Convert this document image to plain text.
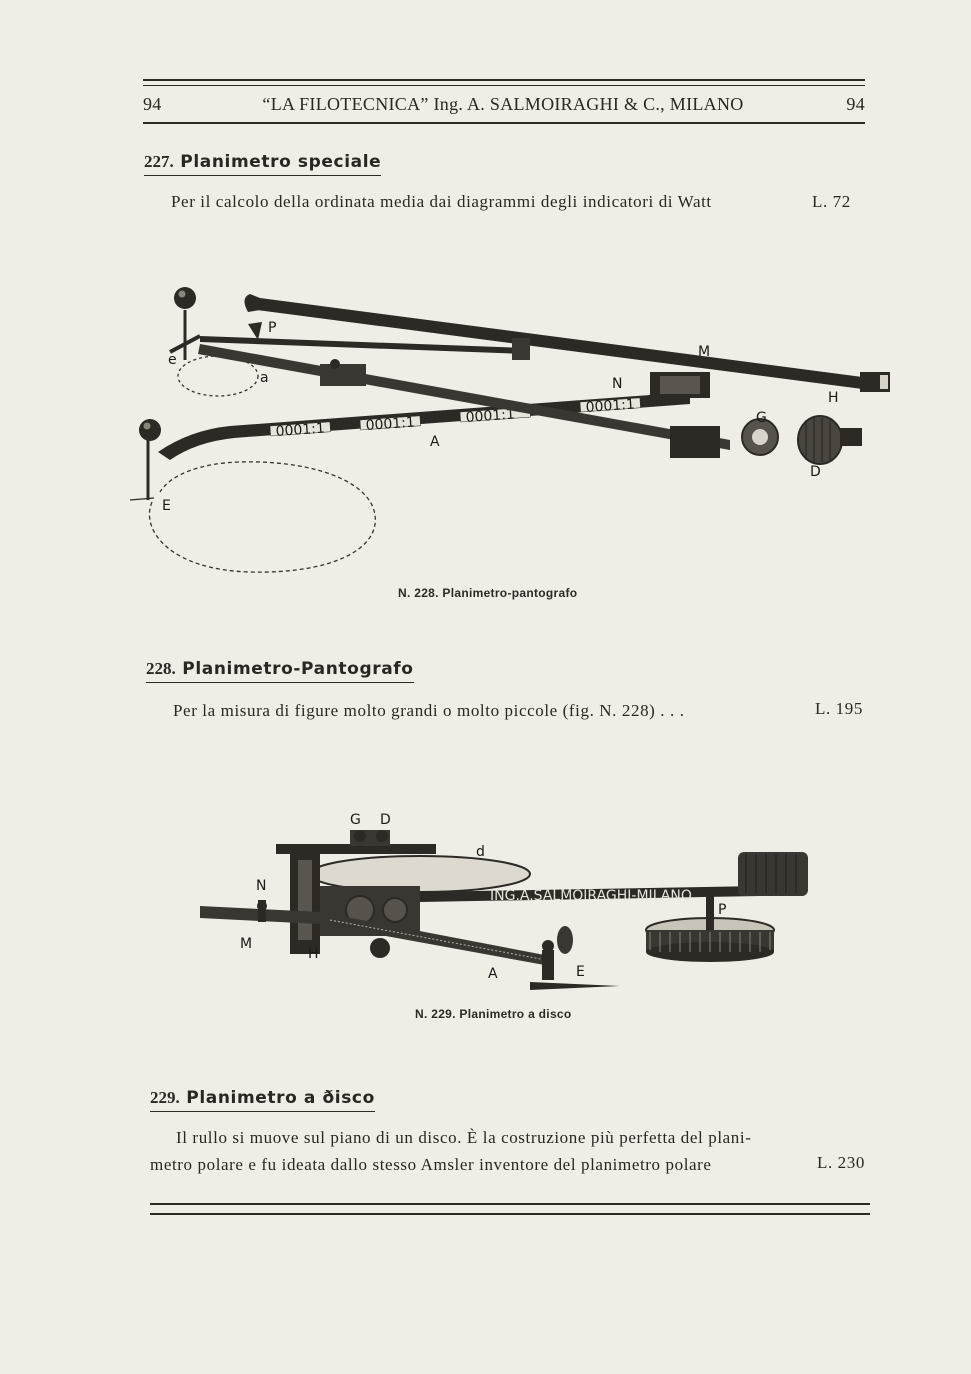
94	“LA FILOTECNICA” Ing. A. SALMOIRAGHI & C., MILANO	94
227. Planimetro speciale
Per il calcolo della ordinata media dai diagrammi degli indicatori di Watt	L. 72
0001:1	0001:1	0001:1
0001:1
P
e
a
M
N
H
G
A
D
E
N. 228. Planimetro-pantografo
228. Planimetro-Pantografo
Per la misura di figure molto grandi o molto piccole (fig. N. 228) . . .	L. 195
ING.A.SALMOIRAGHI-MILANO
G D
d
N
M
H
A	E
P
N. 229. Planimetro a disco
229. Planimetro a ðisco
Il rullo si muove sul piano di un disco. È la costruzione più perfetta del plani-
metro polare e fu ideata dallo stesso Amsler inventore del planimetro polare	L. 230
